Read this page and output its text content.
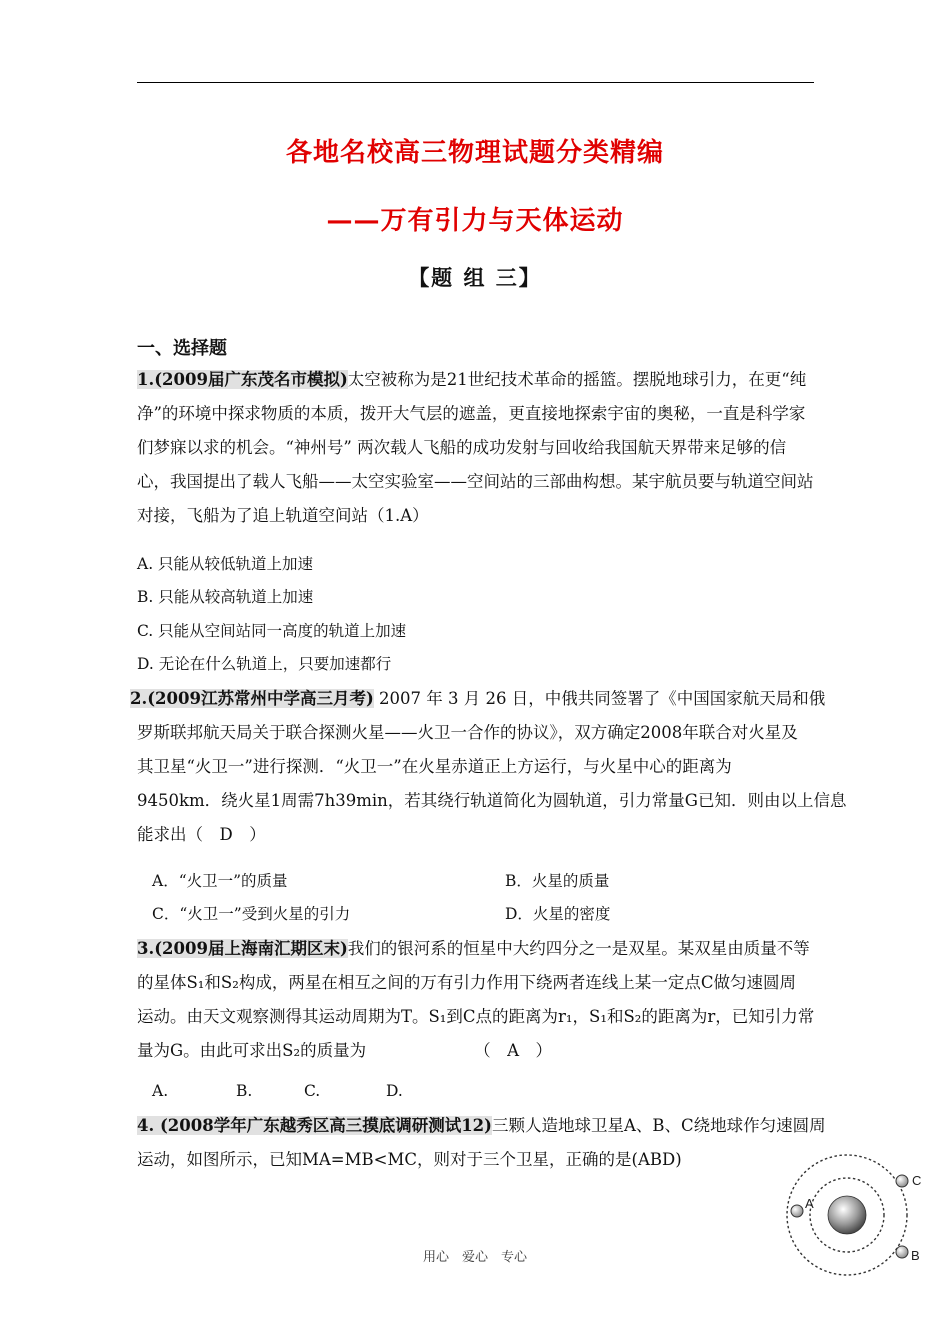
各地名校高三物理试题分类精编
——万有引力与天体运动
【题 组 三】
一、选择题
1.(2009届广东茂名市模拟)太空被称为是21世纪技术革命的摇篮。摆脱地球引力，在更“纯
净”的环境中探求物质的本质，拨开大气层的遮盖，更直接地探索宇宙的奥秘，一直是科学家
们梦寐以求的机会。“神州号” 两次载人飞船的成功发射与回收给我国航天界带来足够的信
心，我国提出了载人飞船——太空实验室——空间站的三部曲构想。某宇航员要与轨道空间站
对接，飞船为了追上轨道空间站（1.A）
A. 只能从较低轨道上加速
B. 只能从较高轨道上加速
C. 只能从空间站同一高度的轨道上加速
D. 无论在什么轨道上，只要加速都行
2.(2009江苏常州中学高三月考) 2007 年 3 月 26 日，中俄共同签署了《中国国家航天局和俄
罗斯联邦航天局关于联合探测火星——火卫一合作的协议》，双方确定2008年联合对火星及
其卫星“火卫一”进行探测．“火卫一”在火星赤道正上方运行，与火星中心的距离为
9450km．绕火星1周需7h39min，若其绕行轨道简化为圆轨道，引力常量G已知．则由以上信息
能求出（　D　）
A．“火卫一”的质量	B．火星的质量
C．“火卫一”受到火星的引力	D．火星的密度
3.(2009届上海南汇期区末)我们的银河系的恒星中大约四分之一是双星。某双星由质量不等
的星体S₁和S₂构成，两星在相互之间的万有引力作用下绕两者连线上某一定点C做匀速圆周
运动。由天文观察测得其运动周期为T。S₁到C点的距离为r₁，S₁和S₂的距离为r，已知引力常
量为G。由此可求出S₂的质量为	（　A　）
A.	B.	C.	D.
4. (2008学年广东越秀区高三摸底调研测试12)三颗人造地球卫星A、B、C绕地球作匀速圆周
运动，如图所示，已知MA=MB<MC，则对于三个卫星，正确的是(ABD)
A
C
B
用心　爱心　专心
